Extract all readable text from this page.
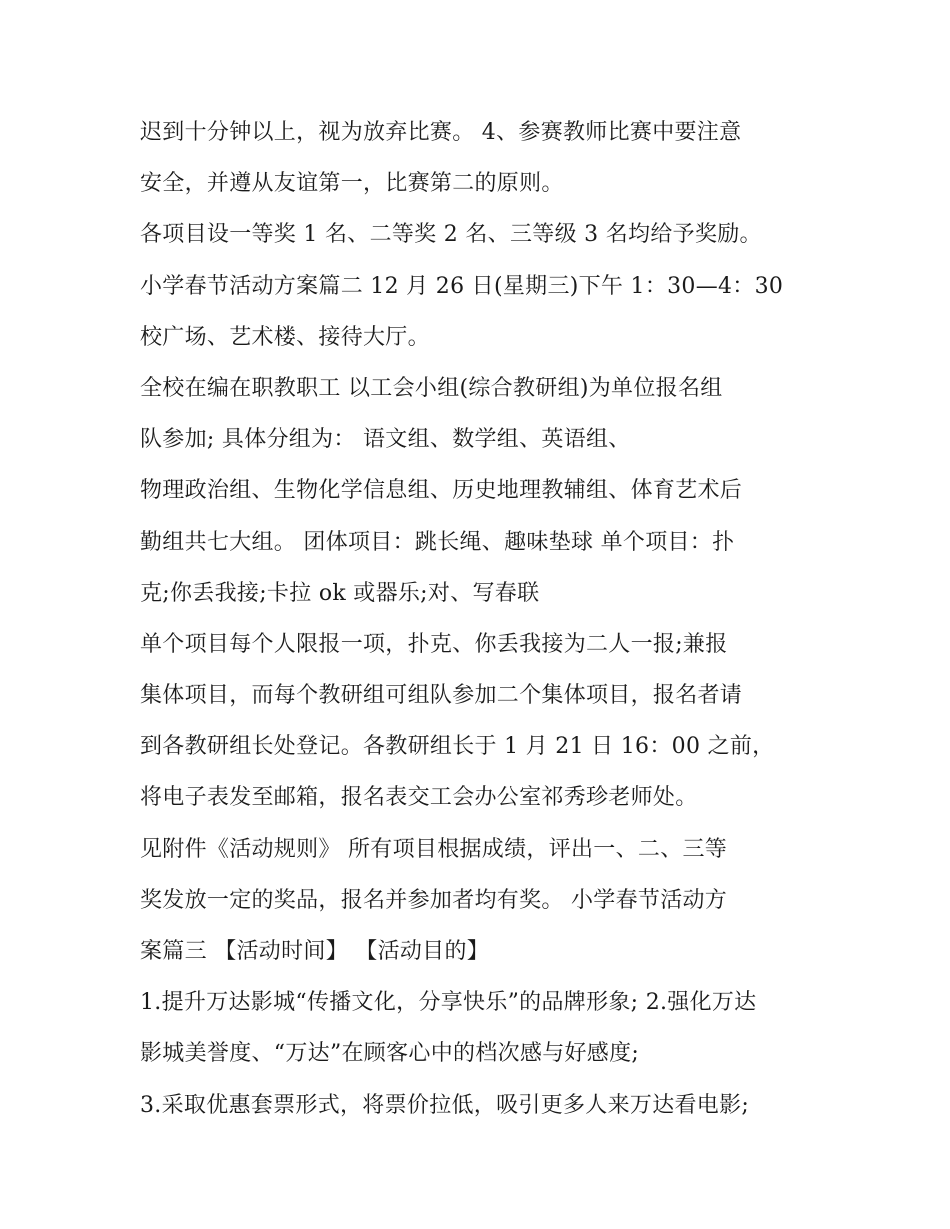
迟到十分钟以上，视为放弃比赛。 4、参赛教师比赛中要注意
安全，并遵从友谊第一，比赛第二的原则。
各项目设一等奖 1 名、二等奖 2 名、三等级 3 名均给予奖励。
小学春节活动方案篇二 12 月 26 日(星期三)下午 1：30—4：30
校广场、艺术楼、接待大厅。
全校在编在职教职工 以工会小组(综合教研组)为单位报名组
队参加; 具体分组为： 语文组、数学组、英语组、
物理政治组、生物化学信息组、历史地理教辅组、体育艺术后
勤组共七大组。 团体项目：跳长绳、趣味垫球 单个项目：扑
克;你丢我接;卡拉 ok 或器乐;对、写春联
单个项目每个人限报一项，扑克、你丢我接为二人一报;兼报
集体项目，而每个教研组可组队参加二个集体项目，报名者请
到各教研组长处登记。各教研组长于 1 月 21 日 16：00 之前，
将电子表发至邮箱，报名表交工会办公室祁秀珍老师处。
见附件《活动规则》 所有项目根据成绩，评出一、二、三等
奖发放一定的奖品，报名并参加者均有奖。 小学春节活动方
案篇三 【活动时间】 【活动目的】
1.提升万达影城“传播文化，分享快乐”的品牌形象; 2.强化万达
影城美誉度、“万达”在顾客心中的档次感与好感度;
3.采取优惠套票形式，将票价拉低，吸引更多人来万达看电影;
